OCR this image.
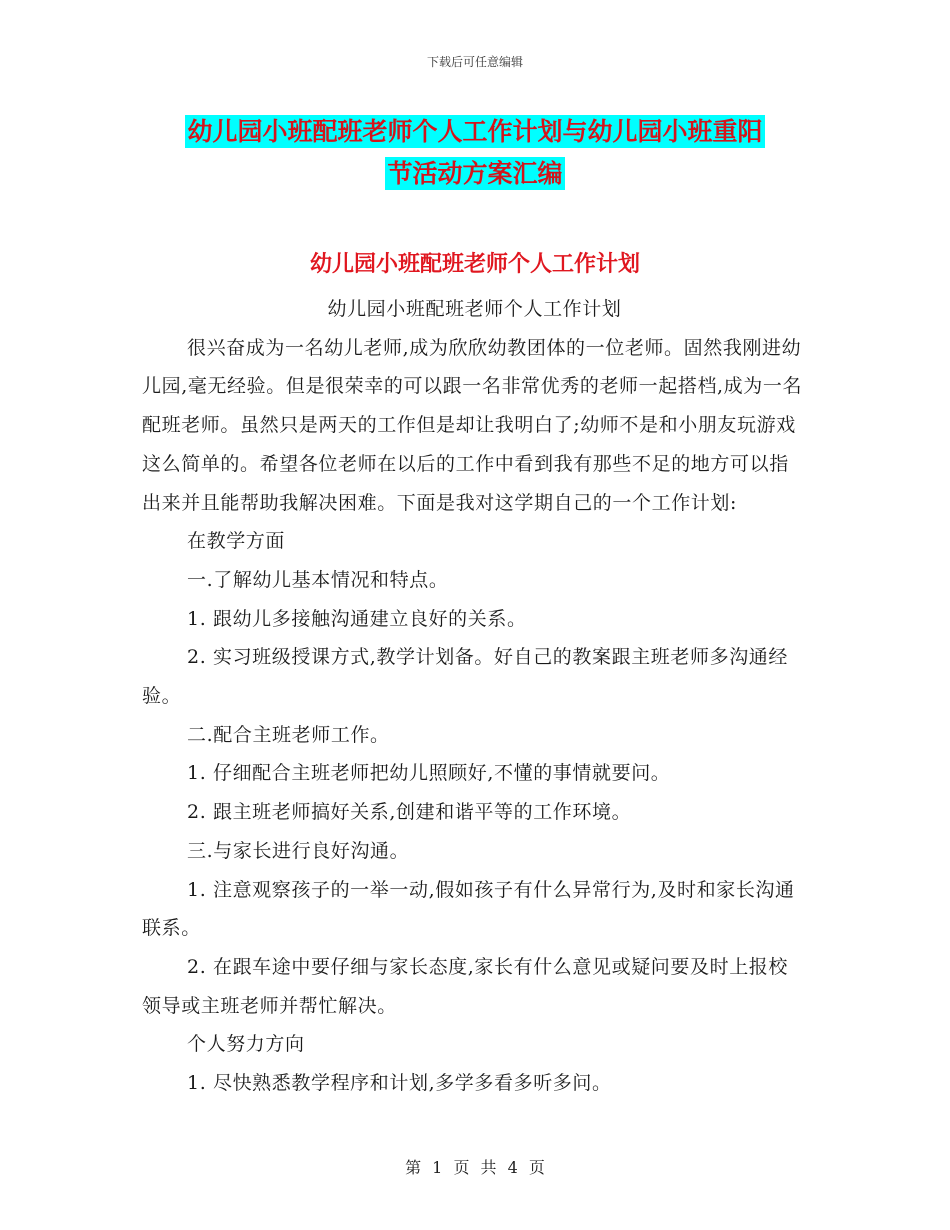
下载后可任意编辑
幼儿园小班配班老师个人工作计划与幼儿园小班重阳
节活动方案汇编
幼儿园小班配班老师个人工作计划

幼儿园小班配班老师个人工作计划

很兴奋成为一名幼儿老师,成为欣欣幼教团体的一位老师。固然我刚进幼儿园,毫无经验。但是很荣幸的可以跟一名非常优秀的老师一起搭档,成为一名配班老师。虽然只是两天的工作但是却让我明白了;幼师不是和小朋友玩游戏这么简单的。希望各位老师在以后的工作中看到我有那些不足的地方可以指出来并且能帮助我解决困难。下面是我对这学期自己的一个工作计划:

在教学方面

一.了解幼儿基本情况和特点。

1. 跟幼儿多接触沟通建立良好的关系。

2. 实习班级授课方式,教学计划备。好自己的教案跟主班老师多沟通经验。

二.配合主班老师工作。

1. 仔细配合主班老师把幼儿照顾好,不懂的事情就要问。

2. 跟主班老师搞好关系,创建和谐平等的工作环境。

三.与家长进行良好沟通。

1. 注意观察孩子的一举一动,假如孩子有什么异常行为,及时和家长沟通联系。

2. 在跟车途中要仔细与家长态度,家长有什么意见或疑问要及时上报校领导或主班老师并帮忙解决。

个人努力方向

1. 尽快熟悉教学程序和计划,多学多看多听多问。

第 1 页 共 4 页
